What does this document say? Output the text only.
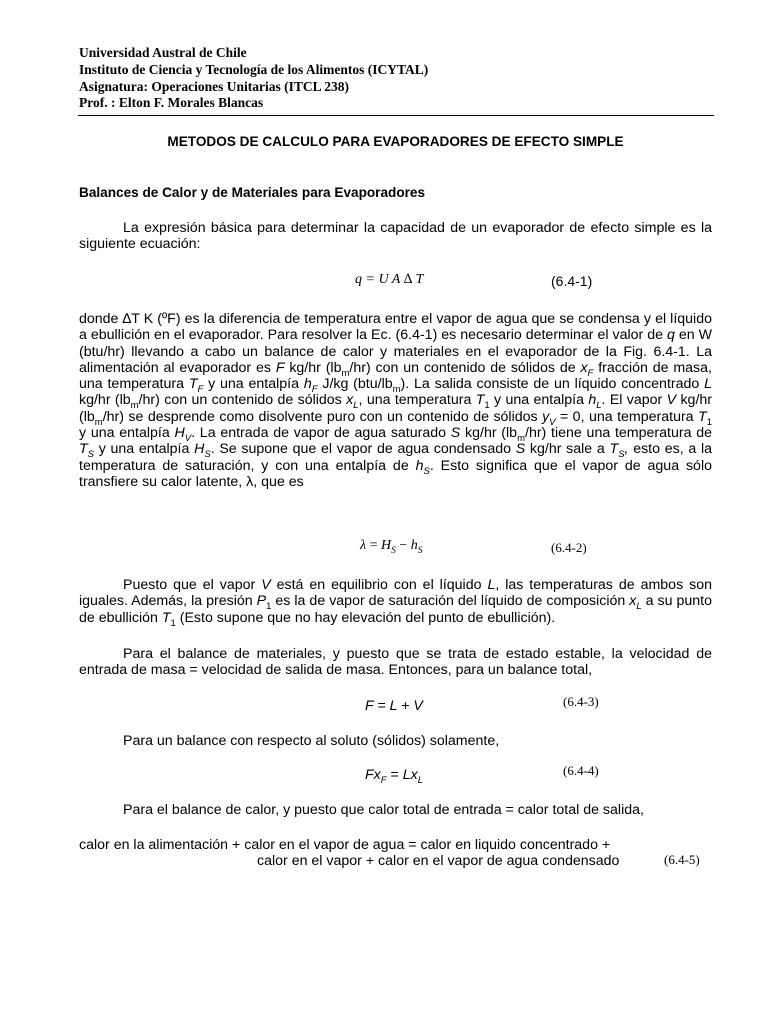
Universidad Austral de Chile
Instituto de Ciencia y Tecnología de los Alimentos (ICYTAL)
Asignatura: Operaciones Unitarias (ITCL 238)
Prof. : Elton F. Morales Blancas
METODOS DE CALCULO PARA EVAPORADORES DE EFECTO SIMPLE
Balances de Calor y de Materiales para Evaporadores
La expresión básica para determinar la capacidad de un evaporador de efecto simple es la siguiente ecuación:
q = U A ∆ T	(6.4-1)
donde ∆T K (ºF) es la diferencia de temperatura entre el vapor de agua que se condensa y el líquido a ebullición en el evaporador. Para resolver la Ec. (6.4-1) es necesario determinar el valor de q en W (btu/hr) llevando a cabo un balance de calor y materiales en el evaporador de la Fig. 6.4-1. La alimentación al evaporador es F kg/hr $(lb_m/hr)$ con un contenido de sólidos de $x_F$ fracción de masa, una temperatura $T_F$ y una entalpía $h_F$ J/kg $(btu/lb_m)$. La salida consiste de un líquido concentrado L kg/hr $(lb_m/hr)$ con un contenido de sólidos $x_L$, una temperatura $T_1$ y una entalpía $h_L$. El vapor V kg/hr $(lb_m/hr)$ se desprende como disolvente puro con un contenido de sólidos $y_V = 0$, una temperatura $T_1$ y una entalpía $H_V$. La entrada de vapor de agua saturado S kg/hr $(lb_m/hr)$ tiene una temperatura de $T_S$ y una entalpía $H_S$. Se supone que el vapor de agua condensado S kg/hr sale a $T_S$, esto es, a la temperatura de saturación, y con una entalpía de $h_S$. Esto significa que el vapor de agua sólo transfiere su calor latente, λ, que es
$\lambda = H_S - h_S$	(6.4-2)
Puesto que el vapor V está en equilibrio con el líquido L, las temperaturas de ambos son iguales. Además, la presión $P_1$ es la de vapor de saturación del líquido de composición $x_L$ a su punto de ebullición $T_1$ (Esto supone que no hay elevación del punto de ebullición).
Para el balance de materiales, y puesto que se trata de estado estable, la velocidad de entrada de masa = velocidad de salida de masa. Entonces, para un balance total,
F = L + V	(6.4-3)
Para un balance con respecto al soluto (sólidos) solamente,
$Fx_F = Lx_L$
(6.4-4)
Para el balance de calor, y puesto que calor total de entrada = calor total de salida,
calor en la alimentación + calor en el vapor de agua = calor en liquido concentrado +
calor en el vapor + calor en el vapor de agua condensado	(6.4-5)
